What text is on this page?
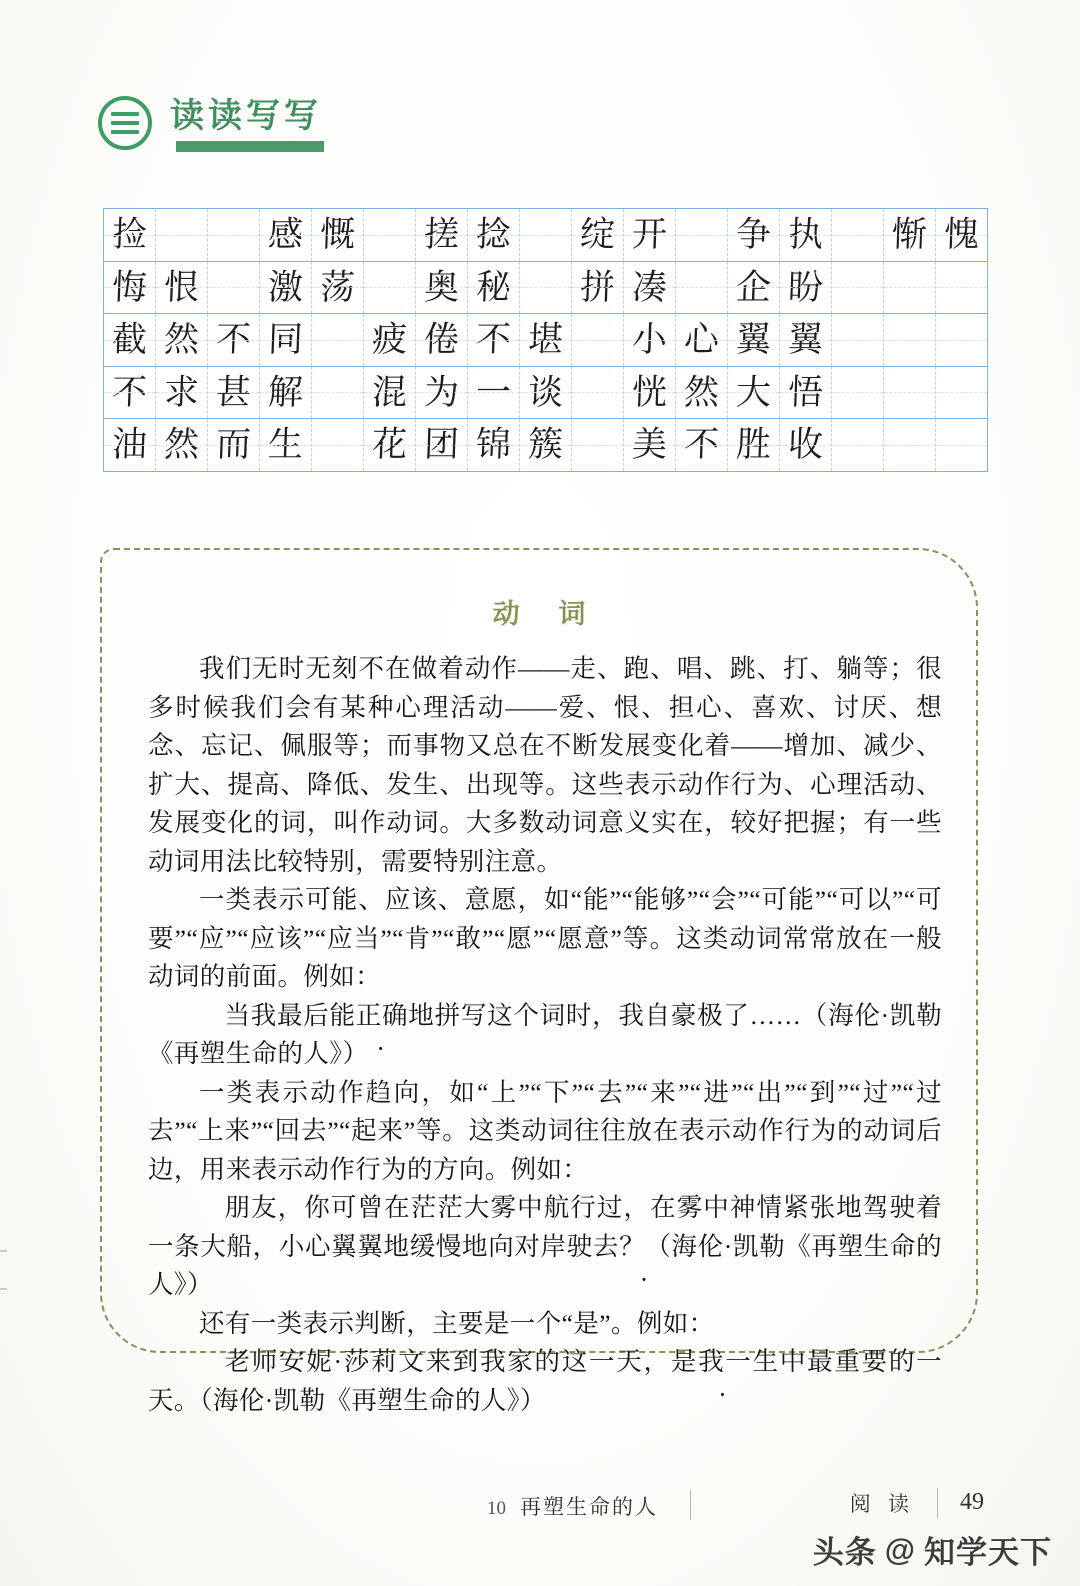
读读写写
捡			感	慨		搓	捻		绽	开		争	执		惭	愧
悔	恨		激	荡		奥	秘		拼	凑		企	盼			
截	然	不	同		疲	倦	不	堪		小	心	翼	翼			
不	求	甚	解		混	为	一	谈		恍	然	大	悟			
油	然	而	生		花	团	锦	簇		美	不	胜	收			
动 词

我们无时无刻不在做着动作——走、跑、唱、跳、打、躺等；很多时候我们会有某种心理活动——爱、恨、担心、喜欢、讨厌、想念、忘记、佩服等；而事物又总在不断发展变化着——增加、减少、扩大、提高、降低、发生、出现等。这些表示动作行为、心理活动、发展变化的词，叫作动词。大多数动词意义实在，较好把握；有一些动词用法比较特别，需要特别注意。

一类表示可能、应该、意愿，如“能”“能够”“会”“可能”“可以”“可要”“应”“应该”“应当”“肯”“敢”“愿”“愿意”等。这类动词常常放在一般动词的前面。例如：

当我最后能正确地拼写这个词时，我自豪极了……（海伦·凯勒《再塑生命的人》）

一类表示动作趋向，如“上”“下”“去”“来”“进”“出”“到”“过”“过去”“上来”“回去”“起来”等。这类动词往往放在表示动作行为的动词后边，用来表示动作行为的方向。例如：

朋友，你可曾在茫茫大雾中航行过，在雾中神情紧张地驾驶着一条大船，小心翼翼地缓慢地向对岸驶去？（海伦·凯勒《再塑生命的人》）

还有一类表示判断，主要是一个“是”。例如：

老师安妮·莎莉文来到我家的这一天，是我一生中最重要的一天。（海伦·凯勒《再塑生命的人》）

10 再塑生命的人	阅 读 49
头条 @ 知学天下
